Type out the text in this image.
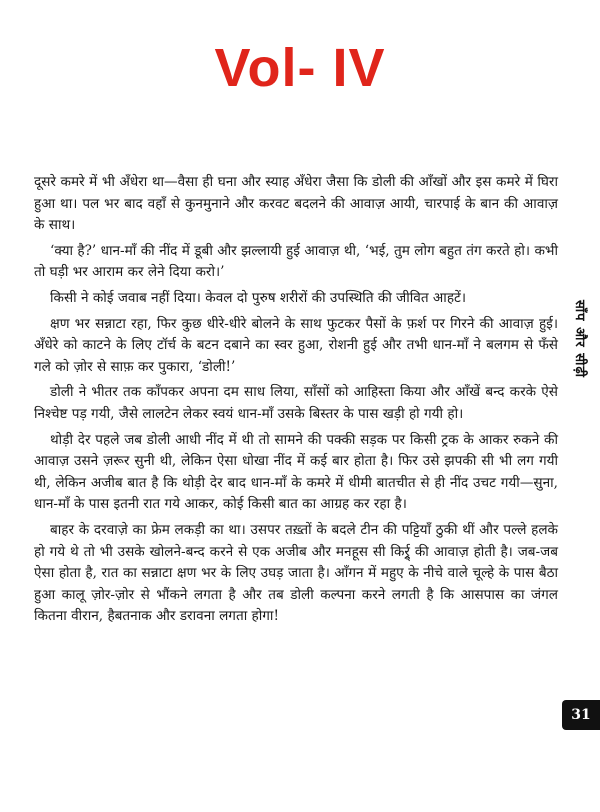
Vol- IV

दूसरे कमरे में भी अँधेरा था—वैसा ही घना और स्याह अँधेरा जैसा कि डोली की आँखों और इस कमरे में घिरा हुआ था। पल भर बाद वहाँ से कुनमुनाने और करवट बदलने की आवाज़ आयी, चारपाई के बान की आवाज़ के साथ।

‘क्या है?’ धान-माँ की नींद में डूबी और झल्लायी हुई आवाज़ थी, ‘भई, तुम लोग बहुत तंग करते हो। कभी तो घड़ी भर आराम कर लेने दिया करो।’

किसी ने कोई जवाब नहीं दिया। केवल दो पुरुष शरीरों की उपस्थिति की जीवित आहटें।

क्षण भर सन्नाटा रहा, फिर कुछ धीरे-धीरे बोलने के साथ फुटकर पैसों के फ़र्श पर गिरने की आवाज़ हुई। अँधेरे को काटने के लिए टॉर्च के बटन दबाने का स्वर हुआ, रोशनी हुई और तभी धान-माँ ने बलगम से फँसे गले को ज़ोर से साफ़ कर पुकारा, ‘डोली!’

डोली ने भीतर तक काँपकर अपना दम साध लिया, साँसों को आहिस्ता किया और आँखें बन्द करके ऐसे निश्चेष्ट पड़ गयी, जैसे लालटेन लेकर स्वयं धान-माँ उसके बिस्तर के पास खड़ी हो गयी हो।

थोड़ी देर पहले जब डोली आधी नींद में थी तो सामने की पक्की सड़क पर किसी ट्रक के आकर रुकने की आवाज़ उसने ज़रूर सुनी थी, लेकिन ऐसा धोखा नींद में कई बार होता है। फिर उसे झपकी सी भी लग गयी थी, लेकिन अजीब बात है कि थोड़ी देर बाद धान-माँ के कमरे में धीमी बातचीत से ही नींद उचट गयी—सुना, धान-माँ के पास इतनी रात गये आकर, कोई किसी बात का आग्रह कर रहा है।

बाहर के दरवाज़े का फ्रेम लकड़ी का था। उसपर तख़्तों के बदले टीन की पट्टियाँ ठुकी थीं और पल्ले हलके हो गये थे तो भी उसके खोलने-बन्द करने से एक अजीब और मनहूस सी किर्र्र्र्र् की आवाज़ होती है। जब-जब ऐसा होता है, रात का सन्नाटा क्षण भर के लिए उघड़ जाता है। आँगन में महुए के नीचे वाले चूल्हे के पास बैठा हुआ कालू ज़ोर-ज़ोर से भौंकने लगता है और तब डोली कल्पना करने लगती है कि आसपास का जंगल कितना वीरान, हैबतनाक और डरावना लगता होगा!

साँप और सीढ़ी
31
